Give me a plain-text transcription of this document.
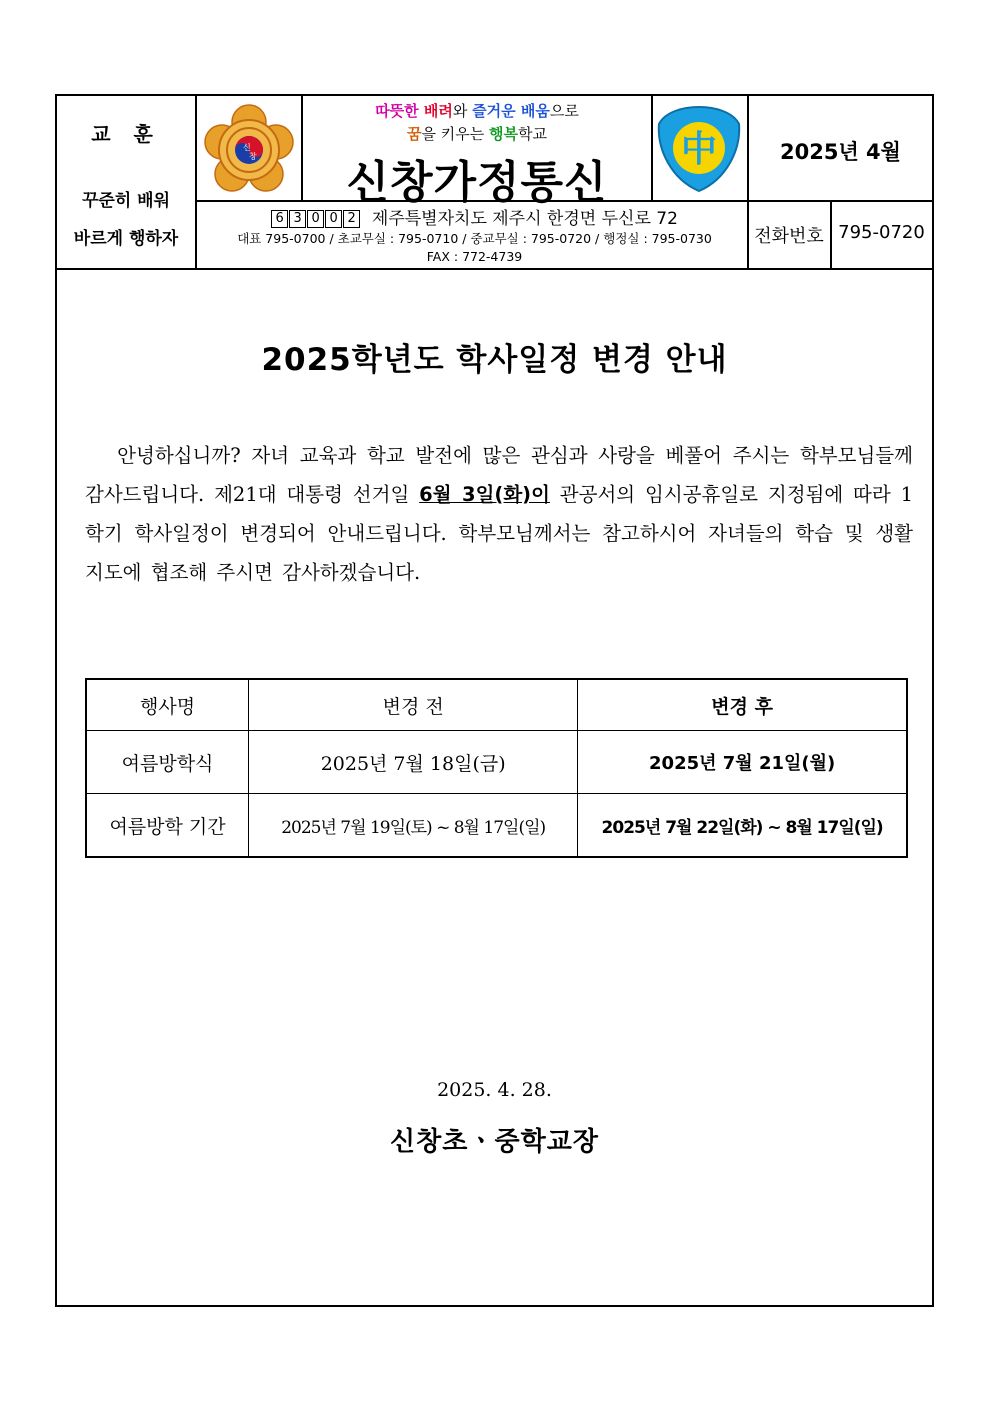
교 훈
꾸준히 배워
바르게 행하자
신
창
따뜻한 배려와 즐거운 배움으로
꿈을 키우는 행복학교
신창가정통신
中	2025년 4월
6 3 0 0 2 제주특별자치도 제주시 한경면 두신로 72
대표 795-0700 / 초교무실 : 795-0710 / 중교무실 : 795-0720 / 행정실 : 795-0730
FAX : 772-4739
전화번호 795-0720
2025학년도 학사일정 변경 안내
안녕하십니까? 자녀 교육과 학교 발전에 많은 관심과 사랑을 베풀어 주시는 학부모님들께 감사드립니다. 제21대 대통령 선거일 6월 3일(화)이 관공서의 임시공휴일로 지정됨에 따라 1학기 학사일정이 변경되어 안내드립니다. 학부모님께서는 참고하시어 자녀들의 학습 및 생활 지도에 협조해 주시면 감사하겠습니다.
행사명	변경 전	변경 후
여름방학식	2025년 7월 18일(금)	2025년 7월 21일(월)
여름방학 기간	2025년 7월 19일(토) ~ 8월 17일(일)	2025년 7월 22일(화) ~ 8월 17일(일)
2025. 4. 28.
신창초ㆍ중학교장
